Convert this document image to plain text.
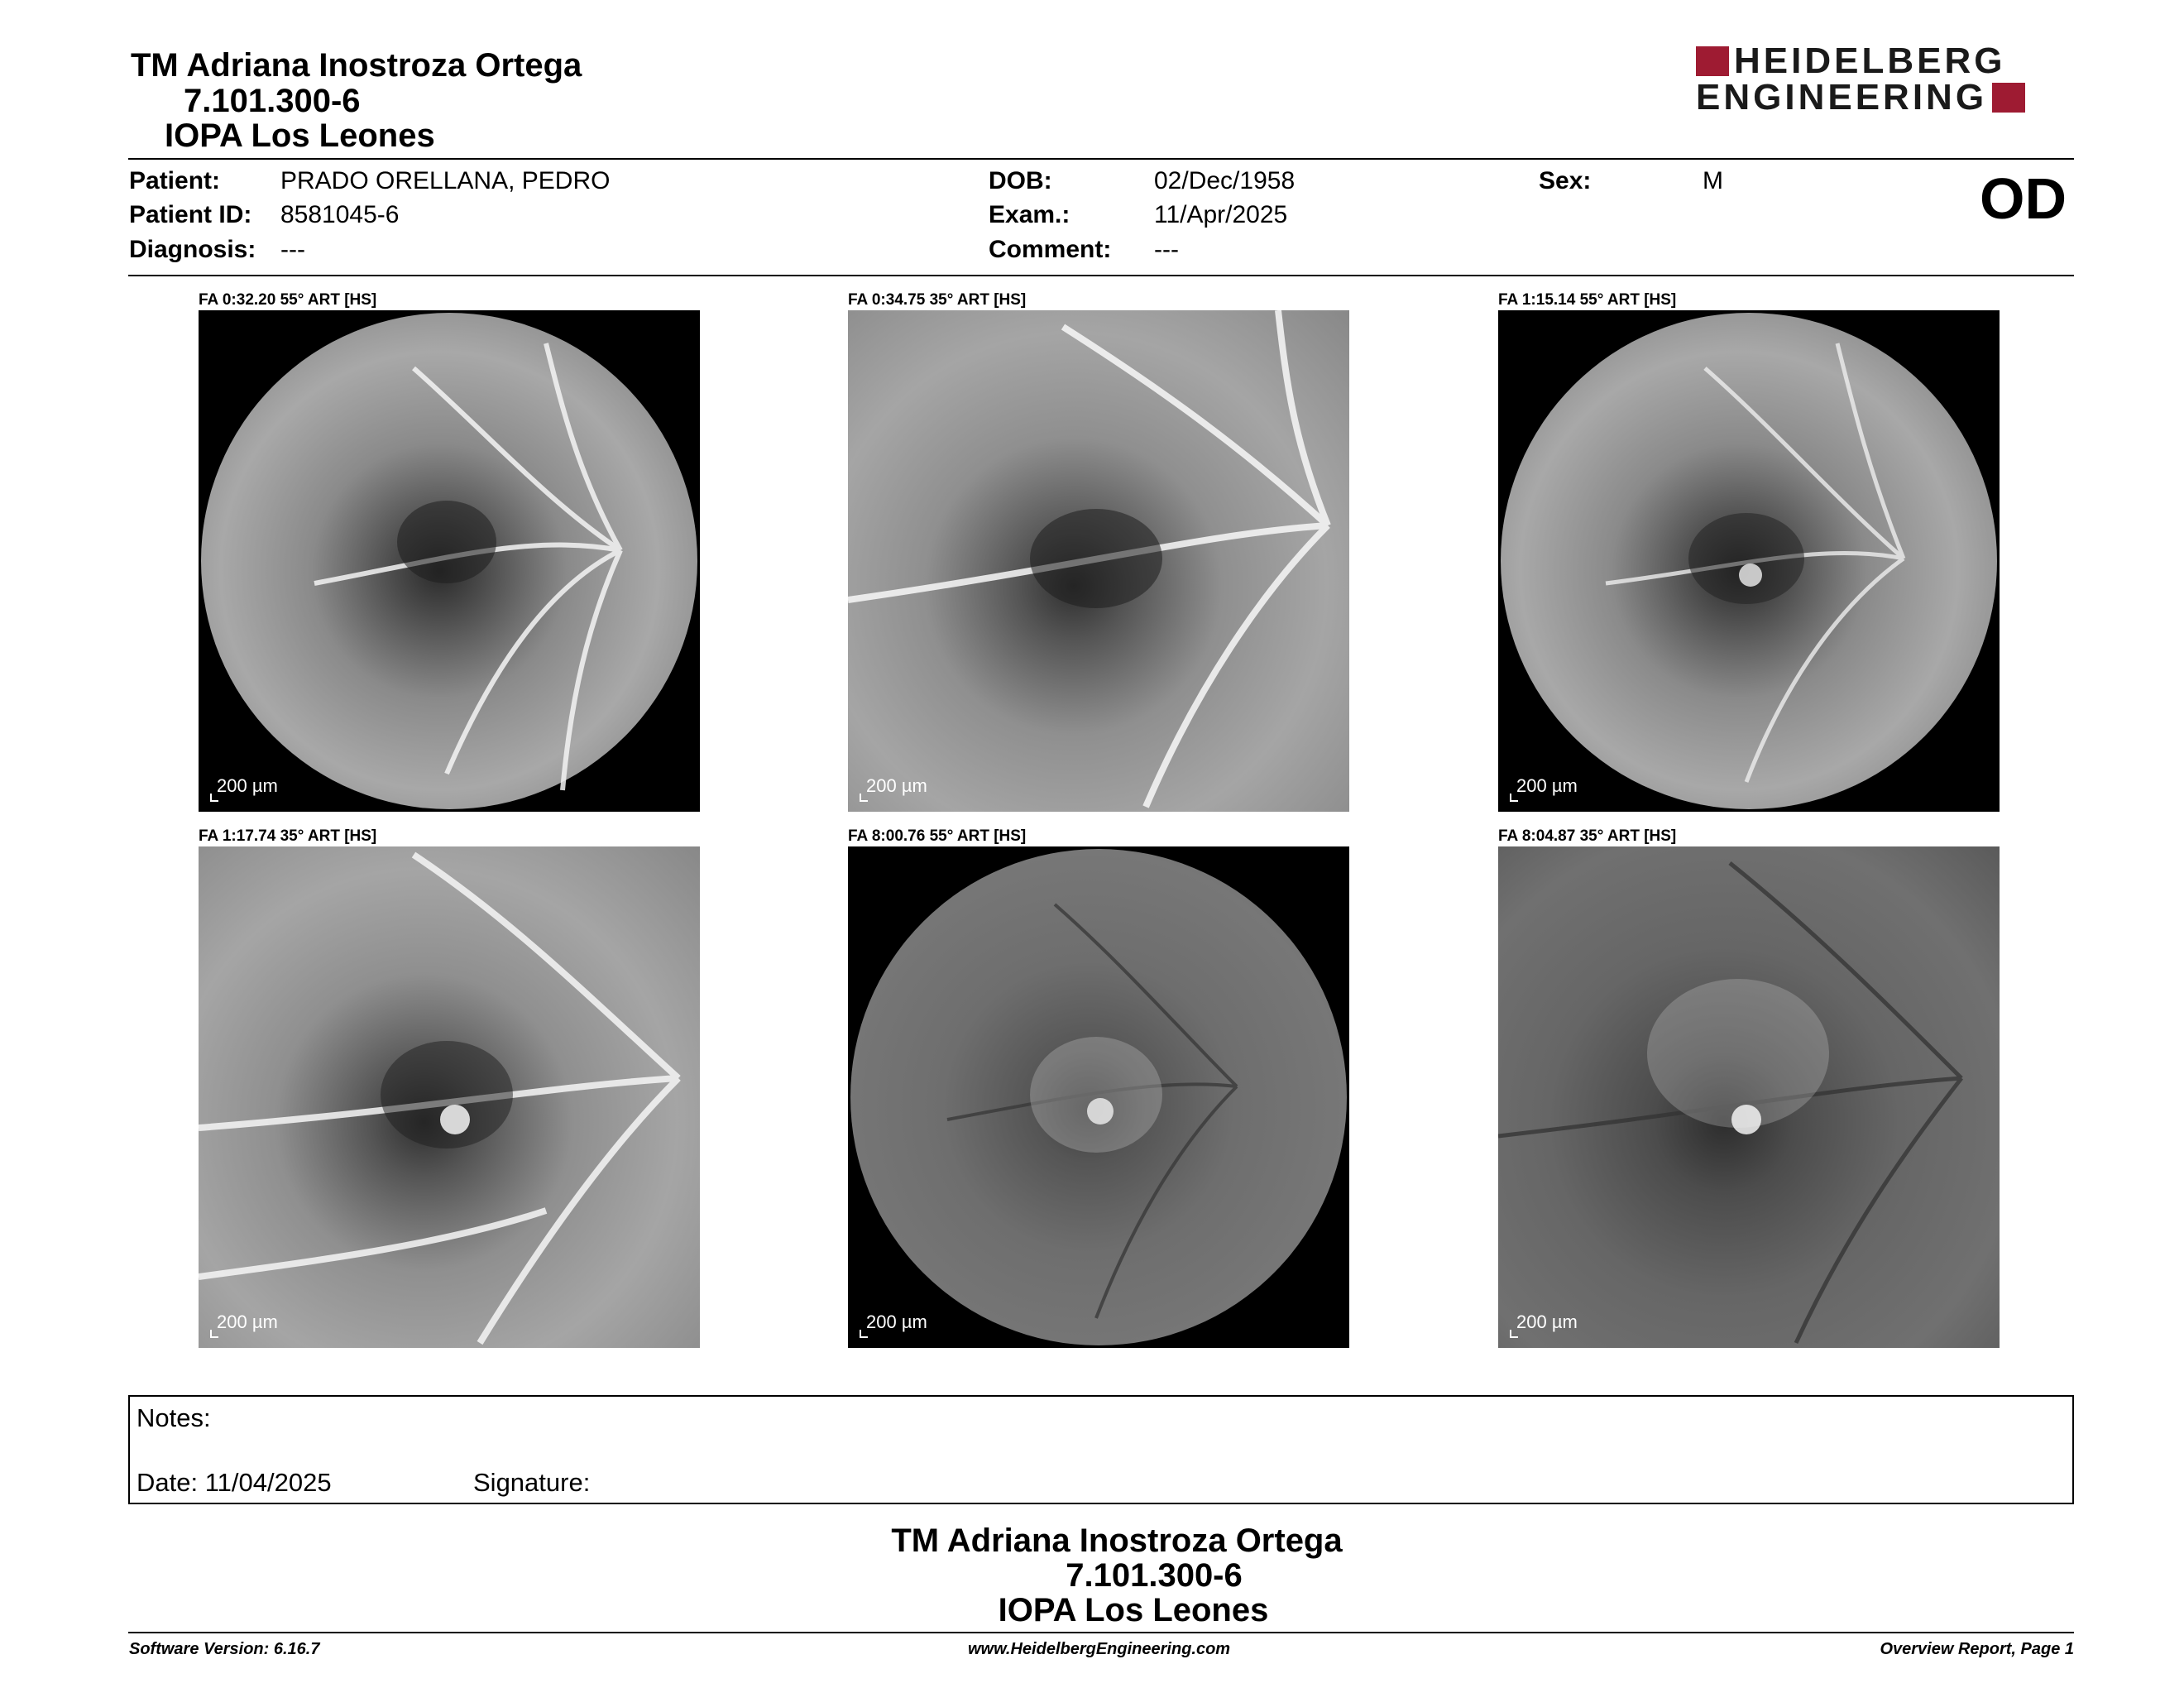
TM Adriana Inostroza Ortega
7.101.300-6
IOPA Los Leones
HEIDELBERG
ENGINEERING
Patient: PRADO ORELLANA, PEDRO
Patient ID: 8581045-6
Diagnosis: ---
DOB:	02/Dec/1958
Exam.:	11/Apr/2025
Comment: ---
Sex:	M	OD
FA 0:32.20 55° ART [HS]
200 µm
FA 0:34.75 35° ART [HS]
200 µm
FA 1:15.14 55° ART [HS]
200 µm
FA 1:17.74 35° ART [HS]
200 µm
FA 8:00.76 55° ART [HS]
200 µm
FA 8:04.87 35° ART [HS]
200 µm
Notes:
Date: 11/04/2025	Signature:
TM Adriana Inostroza Ortega
7.101.300-6
IOPA Los Leones
Software Version: 6.16.7	www.HeidelbergEngineering.com	Overview Report, Page 1
